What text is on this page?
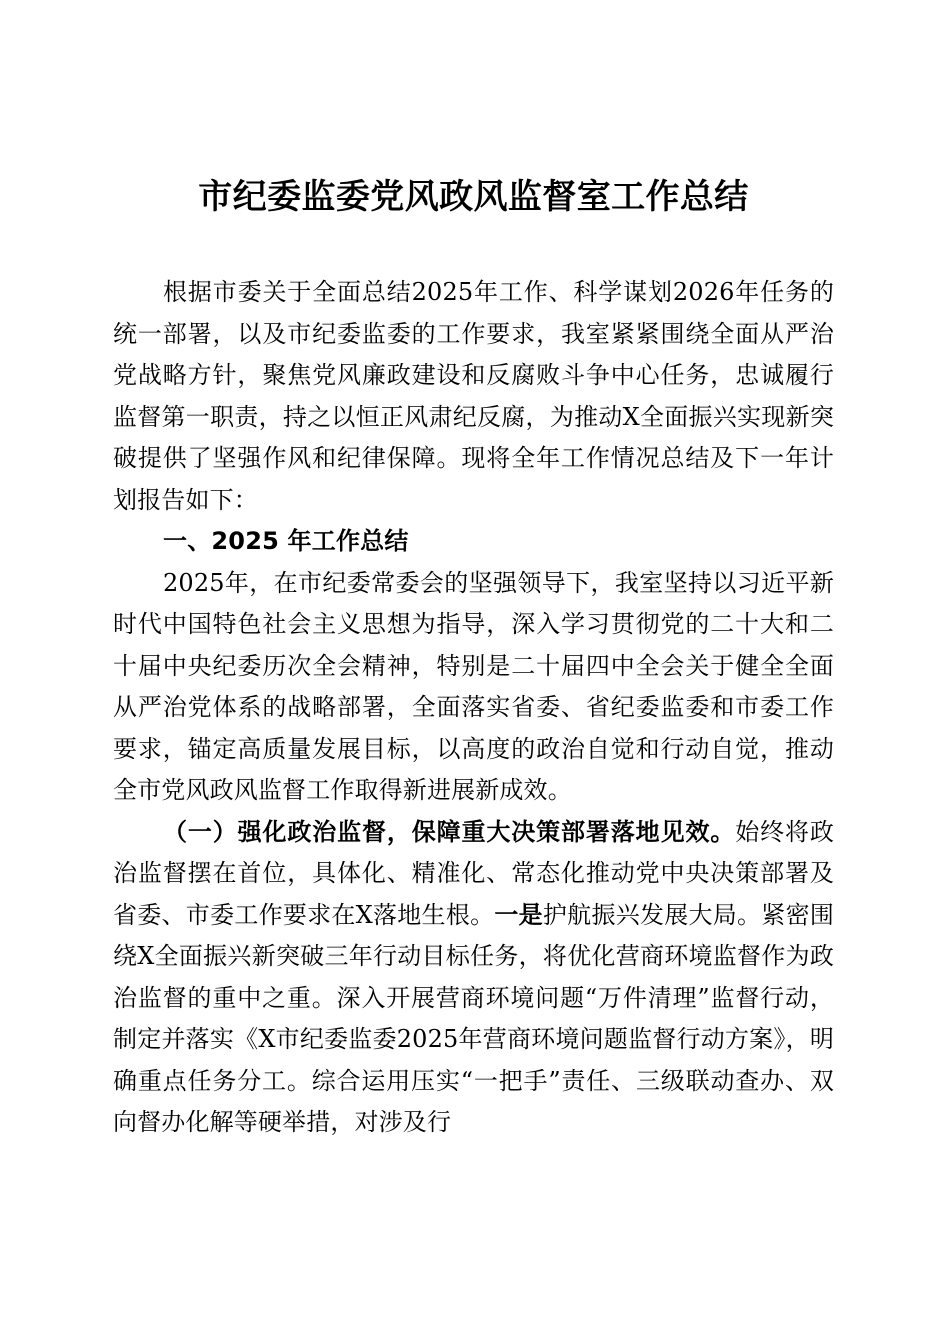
市纪委监委党风政风监督室工作总结

根据市委关于全面总结2025年工作、科学谋划2026年任务的统一部署，以及市纪委监委的工作要求，我室紧紧围绕全面从严治党战略方针，聚焦党风廉政建设和反腐败斗争中心任务，忠诚履行监督第一职责，持之以恒正风肃纪反腐，为推动X全面振兴实现新突破提供了坚强作风和纪律保障。现将全年工作情况总结及下一年计划报告如下：

一、2025 年工作总结

2025年，在市纪委常委会的坚强领导下，我室坚持以习近平新时代中国特色社会主义思想为指导，深入学习贯彻党的二十大和二十届中央纪委历次全会精神，特别是二十届四中全会关于健全全面从严治党体系的战略部署，全面落实省委、省纪委监委和市委工作要求，锚定高质量发展目标，以高度的政治自觉和行动自觉，推动全市党风政风监督工作取得新进展新成效。

（一）强化政治监督，保障重大决策部署落地见效。始终将政治监督摆在首位，具体化、精准化、常态化推动党中央决策部署及省委、市委工作要求在X落地生根。一是护航振兴发展大局。紧密围绕X全面振兴新突破三年行动目标任务，将优化营商环境监督作为政治监督的重中之重。深入开展营商环境问题“万件清理”监督行动，制定并落实《X市纪委监委2025年营商环境问题监督行动方案》，明确重点任务分工。综合运用压实“一把手”责任、三级联动查办、双向督办化解等硬举措，对涉及行
